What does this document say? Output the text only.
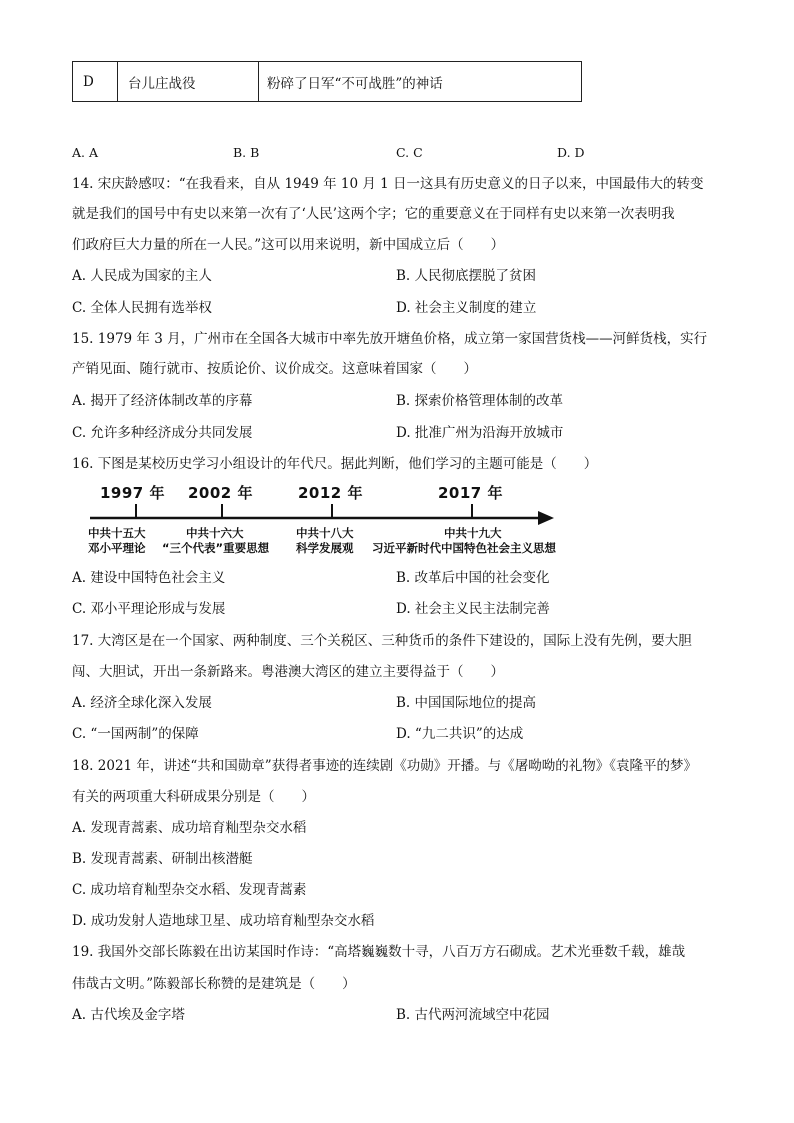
D	台儿庄战役	粉碎了日军“不可战胜”的神话
A. A	B. B	C. C	D. D
14. 宋庆龄感叹：“在我看来，自从 1949 年 10 月 1 日一这具有历史意义的日子以来，中国最伟大的转变
就是我们的国号中有史以来第一次有了‘人民’这两个字；它的重要意义在于同样有史以来第一次表明我
们政府巨大力量的所在一人民。”这可以用来说明，新中国成立后（　　）
A. 人民成为国家的主人	B. 人民彻底摆脱了贫困
C. 全体人民拥有选举权	D. 社会主义制度的建立
15. 1979 年 3 月，广州市在全国各大城市中率先放开塘鱼价格，成立第一家国营货栈——河鲜货栈，实行
产销见面、随行就市、按质论价、议价成交。这意味着国家（　　）
A. 揭开了经济体制改革的序幕	B. 探索价格管理体制的改革
C. 允许多种经济成分共同发展	D. 批准广州为沿海开放城市
16. 下图是某校历史学习小组设计的年代尺。据此判断，他们学习的主题可能是（　　）
1997 年 2002 年	2012 年	2017 年
中共十五大
邓小平理论
中共十六大
“三个代表”重要思想
中共十八大
科学发展观
中共十九大
习近平新时代中国特色社会主义思想
A. 建设中国特色社会主义	B. 改革后中国的社会变化
C. 邓小平理论形成与发展	D. 社会主义民主法制完善
17. 大湾区是在一个国家、两种制度、三个关税区、三种货币的条件下建设的，国际上没有先例，要大胆
闯、大胆试，开出一条新路来。粤港澳大湾区的建立主要得益于（　　）
A. 经济全球化深入发展	B. 中国国际地位的提高
C. “一国两制”的保障	D. “九二共识”的达成
18. 2021 年，讲述“共和国勋章”获得者事迹的连续剧《功勋》开播。与《屠呦呦的礼物》《袁隆平的梦》
有关的两项重大科研成果分别是（　　）
A. 发现青蒿素、成功培育籼型杂交水稻
B. 发现青蒿素、研制出核潜艇
C. 成功培育籼型杂交水稻、发现青蒿素
D. 成功发射人造地球卫星、成功培育籼型杂交水稻
19. 我国外交部长陈毅在出访某国时作诗：“高塔巍巍数十寻，八百万方石砌成。艺术光垂数千载，雄哉
伟哉古文明。”陈毅部长称赞的是建筑是（　　）
A. 古代埃及金字塔	B. 古代两河流域空中花园
